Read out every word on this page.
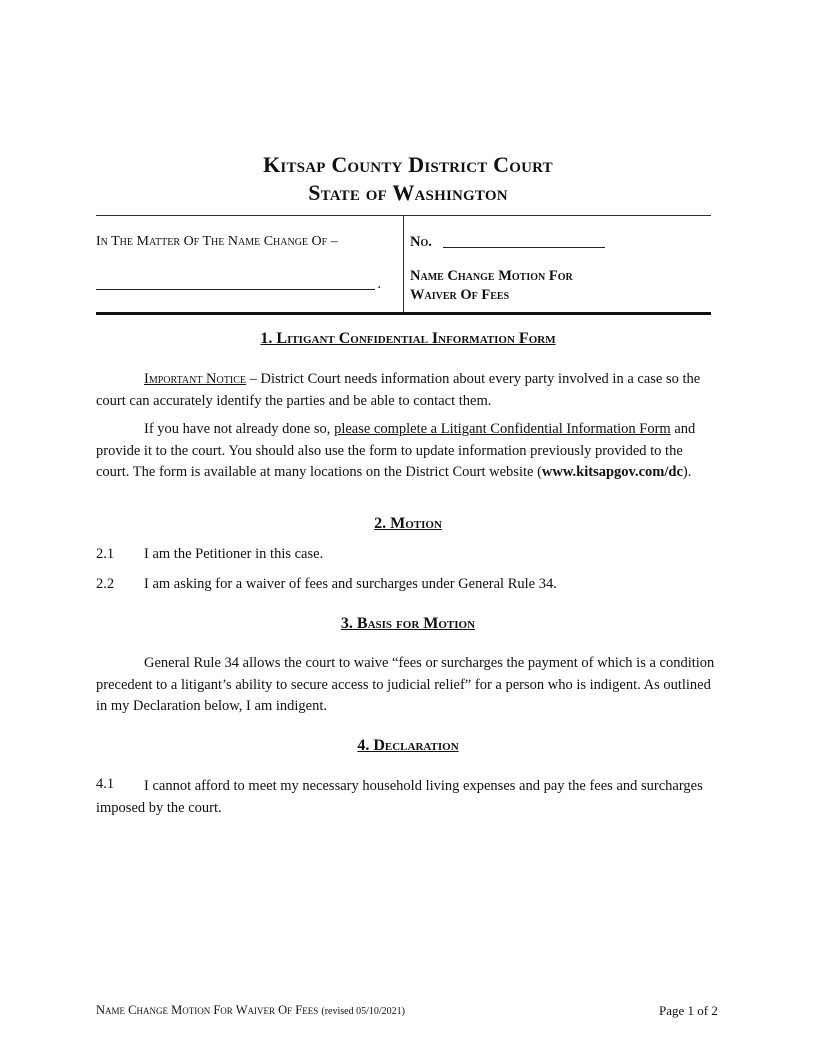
Kitsap County District Court
State of Washington
In The Matter Of The Name Change Of –
.
No.
Name Change Motion For
Waiver Of Fees
1. Litigant Confidential Information Form
Important Notice – District Court needs information about every party involved in a case so the court can accurately identify the parties and be able to contact them.
If you have not already done so, please complete a Litigant Confidential Information Form and provide it to the court. You should also use the form to update information previously provided to the court. The form is available at many locations on the District Court website (www.kitsapgov.com/dc).
2. Motion
2.1 I am the Petitioner in this case.
2.2 I am asking for a waiver of fees and surcharges under General Rule 34.
3. Basis for Motion
General Rule 34 allows the court to waive “fees or surcharges the payment of which is a condition precedent to a litigant’s ability to secure access to judicial relief” for a person who is indigent. As outlined in my Declaration below, I am indigent.
4. Declaration
4.1	I cannot afford to meet my necessary household living expenses and pay the fees and surcharges imposed by the court.
Name Change Motion For Waiver Of Fees (revised 05/10/2021)	Page 1 of 2
